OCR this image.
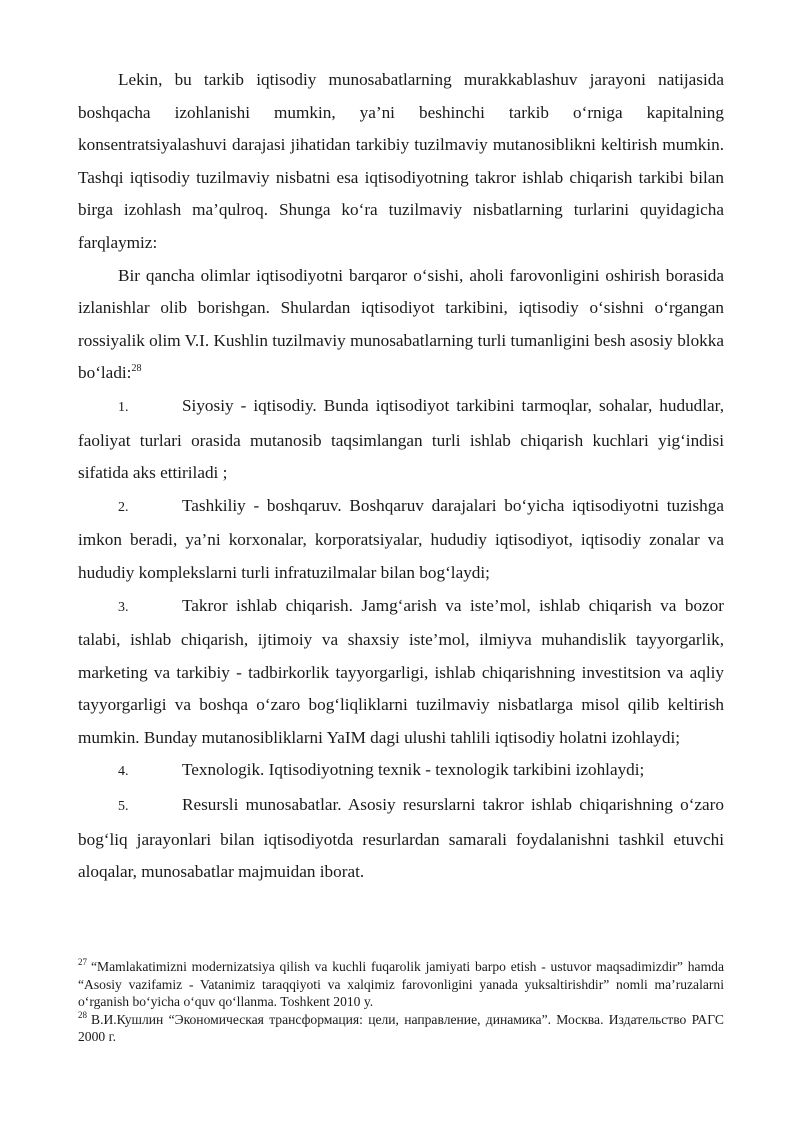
Lekin, bu tarkib iqtisodiy munosabatlarning murakkablashuv jarayoni natijasida boshqacha izohlanishi mumkin, ya’ni beshinchi tarkib o‘rniga kapitalning konsentratsiyalashuvi darajasi jihatidan tarkibiy tuzilmaviy mutanosiblikni keltirish mumkin. Tashqi iqtisodiy tuzilmaviy nisbatni esa iqtisodiyotning takror ishlab chiqarish tarkibi bilan birga izohlash ma’qulroq. Shunga ko‘ra tuzilmaviy nisbatlarning turlarini quyidagicha farqlaymiz:

Bir qancha olimlar iqtisodiyotni barqaror o‘sishi, aholi farovonligini oshirish borasida izlanishlar olib borishgan. Shulardan iqtisodiyot tarkibini, iqtisodiy o‘sishni o‘rgangan rossiyalik olim V.I. Kushlin tuzilmaviy munosabatlarning turli tumanligini besh asosiy blokka bo‘ladi:$^{28}$

1.	Siyosiy - iqtisodiy. Bunda iqtisodiyot tarkibini tarmoqlar, sohalar, hududlar, faoliyat turlari orasida mutanosib taqsimlangan turli ishlab chiqarish kuchlari yig‘indisi sifatida aks ettiriladi ;

2.	Tashkiliy - boshqaruv. Boshqaruv darajalari bo‘yicha iqtisodiyotni tuzishga imkon beradi, ya’ni korxonalar, korporatsiyalar, hududiy iqtisodiyot, iqtisodiy zonalar va hududiy komplekslarni turli infratuzilmalar bilan bog‘laydi;

3.	Takror ishlab chiqarish. Jamg‘arish va iste’mol, ishlab chiqarish va bozor talabi, ishlab chiqarish, ijtimoiy va shaxsiy iste’mol, ilmiyva muhandislik tayyorgarlik, marketing va tarkibiy - tadbirkorlik tayyorgarligi, ishlab chiqarishning investitsion va aqliy tayyorgarligi va boshqa o‘zaro bog‘liqliklarni tuzilmaviy nisbatlarga misol qilib keltirish mumkin. Bunday mutanosibliklarni YaIM dagi ulushi tahlili iqtisodiy holatni izohlaydi;

4.	Texnologik. Iqtisodiyotning texnik - texnologik tarkibini izohlaydi;

5.	Resursli munosabatlar. Asosiy resurslarni takror ishlab chiqarishning o‘zaro bog‘liq jarayonlari bilan iqtisodiyotda resurlardan samarali foydalanishni tashkil etuvchi aloqalar, munosabatlar majmuidan iborat.

$^{27}$ “Mamlakatimizni modernizatsiya qilish va kuchli fuqarolik jamiyati barpo etish - ustuvor maqsadimizdir” hamda “Asosiy vazifamiz - Vatanimiz taraqqiyoti va xalqimiz farovonligini yanada yuksaltirishdir” nomli ma’ruzalarni o‘rganish bo‘yicha o‘quv qo‘llanma. Toshkent 2010 y.

$^{28}$ В.И.Кушлин “Экономическая трансформация: цели, направление, динамика”. Москва. Издательство РАГС 2000 г.
